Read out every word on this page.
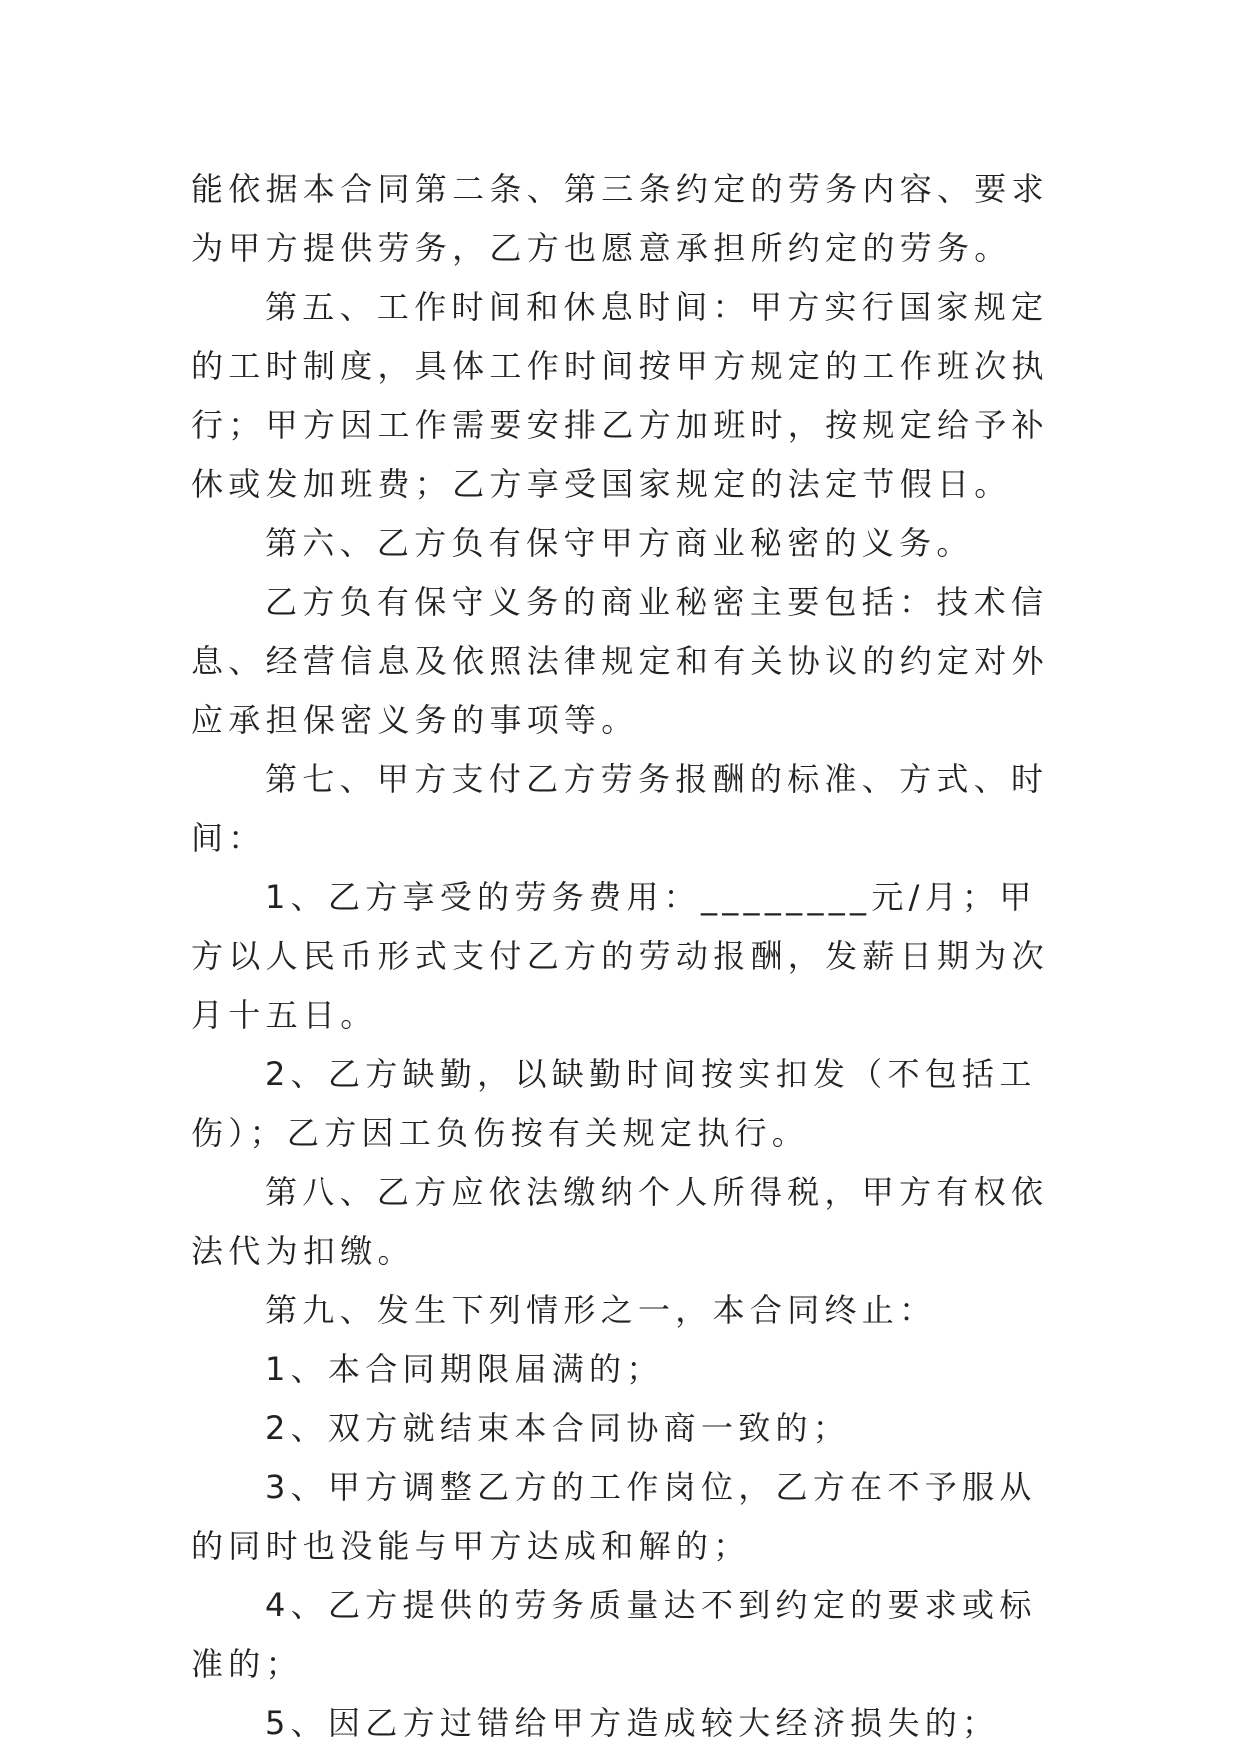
能依据本合同第二条、第三条约定的劳务内容、要求为甲方提供劳务，乙方也愿意承担所约定的劳务。

第五、工作时间和休息时间：甲方实行国家规定的工时制度，具体工作时间按甲方规定的工作班次执行；甲方因工作需要安排乙方加班时，按规定给予补休或发加班费；乙方享受国家规定的法定节假日。

第六、乙方负有保守甲方商业秘密的义务。

乙方负有保守义务的商业秘密主要包括：技术信息、经营信息及依照法律规定和有关协议的约定对外应承担保密义务的事项等。

第七、甲方支付乙方劳务报酬的标准、方式、时间：

1、乙方享受的劳务费用：________元/月；甲方以人民币形式支付乙方的劳动报酬，发薪日期为次月十五日。

2、乙方缺勤，以缺勤时间按实扣发（不包括工伤）；乙方因工负伤按有关规定执行。

第八、乙方应依法缴纳个人所得税，甲方有权依法代为扣缴。

第九、发生下列情形之一，本合同终止：

1、本合同期限届满的；

2、双方就结束本合同协商一致的；

3、甲方调整乙方的工作岗位，乙方在不予服从的同时也没能与甲方达成和解的；

4、乙方提供的劳务质量达不到约定的要求或标准的；

5、因乙方过错给甲方造成较大经济损失的；
